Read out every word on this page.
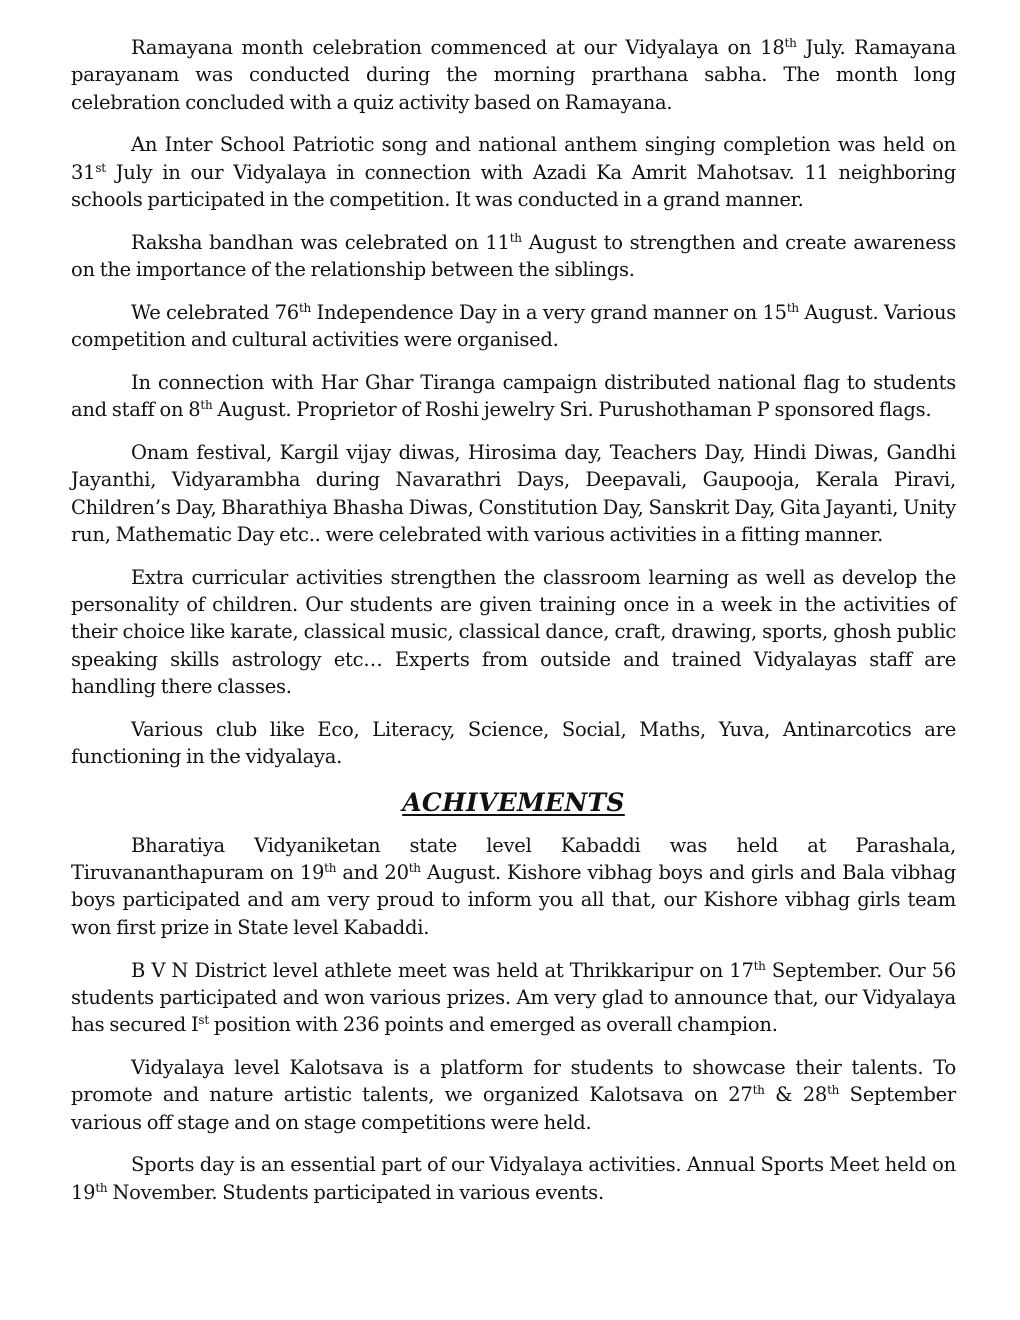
Ramayana month celebration commenced at our Vidyalaya on 18th July. Ramayana parayanam was conducted during the morning prarthana sabha. The month long celebration concluded with a quiz activity based on Ramayana.

An Inter School Patriotic song and national anthem singing completion was held on 31st July in our Vidyalaya in connection with Azadi Ka Amrit Mahotsav. 11 neighboring schools participated in the competition. It was conducted in a grand manner.

Raksha bandhan was celebrated on 11th August to strengthen and create awareness on the importance of the relationship between the siblings.

We celebrated 76th Independence Day in a very grand manner on 15th August. Various competition and cultural activities were organised.

In connection with Har Ghar Tiranga campaign distributed national flag to students and staff on 8th August. Proprietor of Roshi jewelry Sri. Purushothaman P sponsored flags.

Onam festival, Kargil vijay diwas, Hirosima day, Teachers Day, Hindi Diwas, Gandhi Jayanthi, Vidyarambha during Navarathri Days, Deepavali, Gaupooja, Kerala Piravi, Children’s Day, Bharathiya Bhasha Diwas, Constitution Day, Sanskrit Day, Gita Jayanti, Unity run, Mathematic Day etc.. were celebrated with various activities in a fitting manner.

Extra curricular activities strengthen the classroom learning as well as develop the personality of children. Our students are given training once in a week in the activities of their choice like karate, classical music, classical dance, craft, drawing, sports, ghosh public speaking skills astrology etc… Experts from outside and trained Vidyalayas staff are handling there classes.

Various club like Eco, Literacy, Science, Social, Maths, Yuva, Antinarcotics are functioning in the vidyalaya.

ACHIVEMENTS

Bharatiya Vidyaniketan state level Kabaddi was held at Parashala, Tiruvananthapuram on 19th and 20th August. Kishore vibhag boys and girls and Bala vibhag boys participated and am very proud to inform you all that, our Kishore vibhag girls team won first prize in State level Kabaddi.

B V N District level athlete meet was held at Thrikkaripur on 17th September. Our 56 students participated and won various prizes. Am very glad to announce that, our Vidyalaya has secured Ist position with 236 points and emerged as overall champion.

Vidyalaya level Kalotsava is a platform for students to showcase their talents. To promote and nature artistic talents, we organized Kalotsava on 27th & 28th September various off stage and on stage competitions were held.

Sports day is an essential part of our Vidyalaya activities. Annual Sports Meet held on 19th November. Students participated in various events.
